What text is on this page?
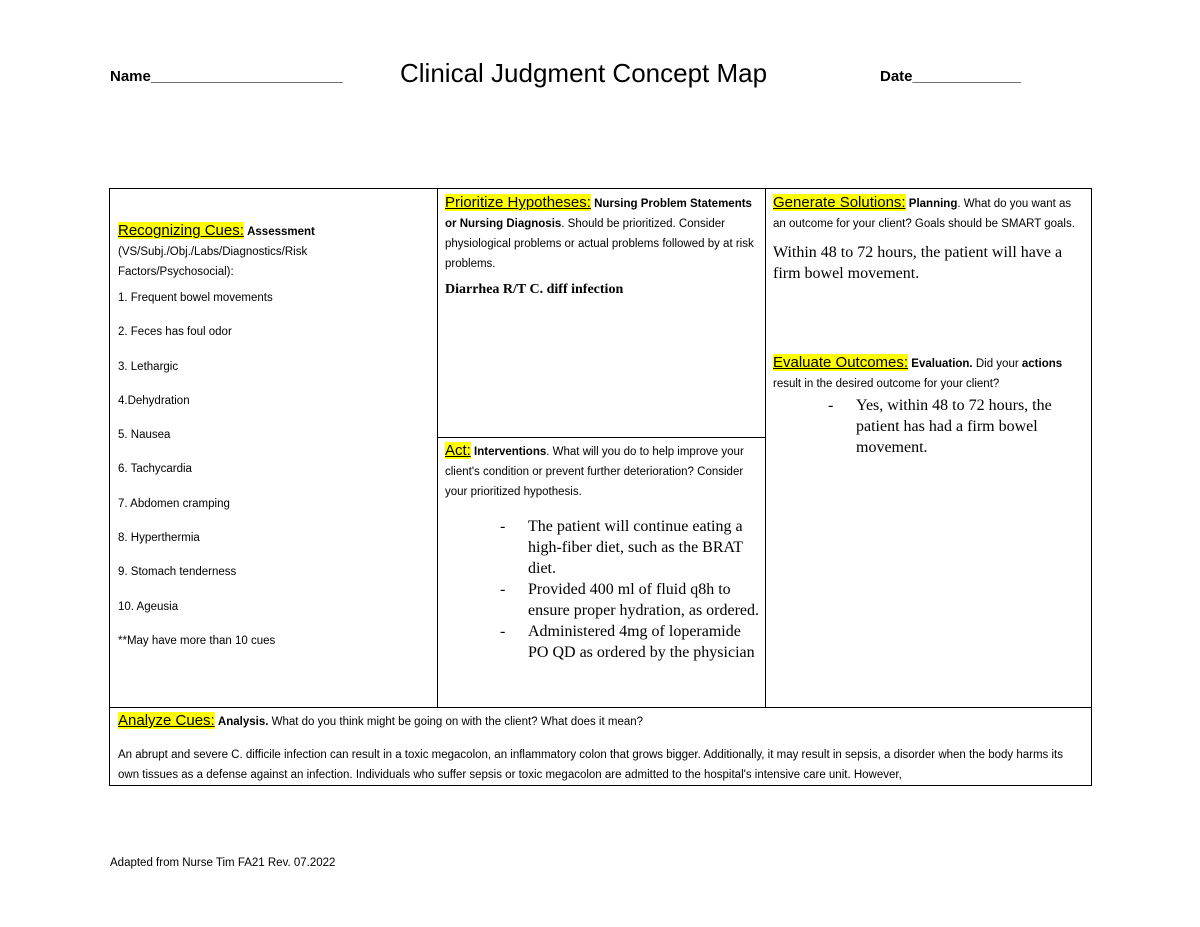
Name_______________________ Clinical Judgment Concept Map	Date_____________
Recognizing Cues: Assessment
(VS/Subj./Obj./Labs/Diagnostics/Risk Factors/Psychosocial):
1. Frequent bowel movements
2. Feces has foul odor
3. Lethargic
4.Dehydration
5. Nausea
6. Tachycardia
7. Abdomen cramping
8. Hyperthermia
9. Stomach tenderness
10. Ageusia
**May have more than 10 cues
Prioritize Hypotheses: Nursing Problem Statements or Nursing Diagnosis. Should be prioritized. Consider physiological problems or actual problems followed by at risk problems.
Diarrhea R/T C. diff infection
Act: Interventions. What will you do to help improve your client's condition or prevent further deterioration? Consider your prioritized hypothesis.
- The patient will continue eating a high-fiber diet, such as the BRAT diet.
- Provided 400 ml of fluid q8h to ensure proper hydration, as ordered.
- Administered 4mg of loperamide PO QD as ordered by the physician
Generate Solutions: Planning. What do you want as an outcome for your client? Goals should be SMART goals.
Within 48 to 72 hours, the patient will have a firm bowel movement.
Evaluate Outcomes: Evaluation. Did your actions result in the desired outcome for your client?
- Yes, within 48 to 72 hours, the patient has had a firm bowel movement.
Analyze Cues: Analysis. What do you think might be going on with the client? What does it mean?
An abrupt and severe C. difficile infection can result in a toxic megacolon, an inflammatory colon that grows bigger. Additionally, it may result in sepsis, a disorder when the body harms its own tissues as a defense against an infection. Individuals who suffer sepsis or toxic megacolon are admitted to the hospital's intensive care unit. However,
Adapted from Nurse Tim FA21 Rev. 07.2022
